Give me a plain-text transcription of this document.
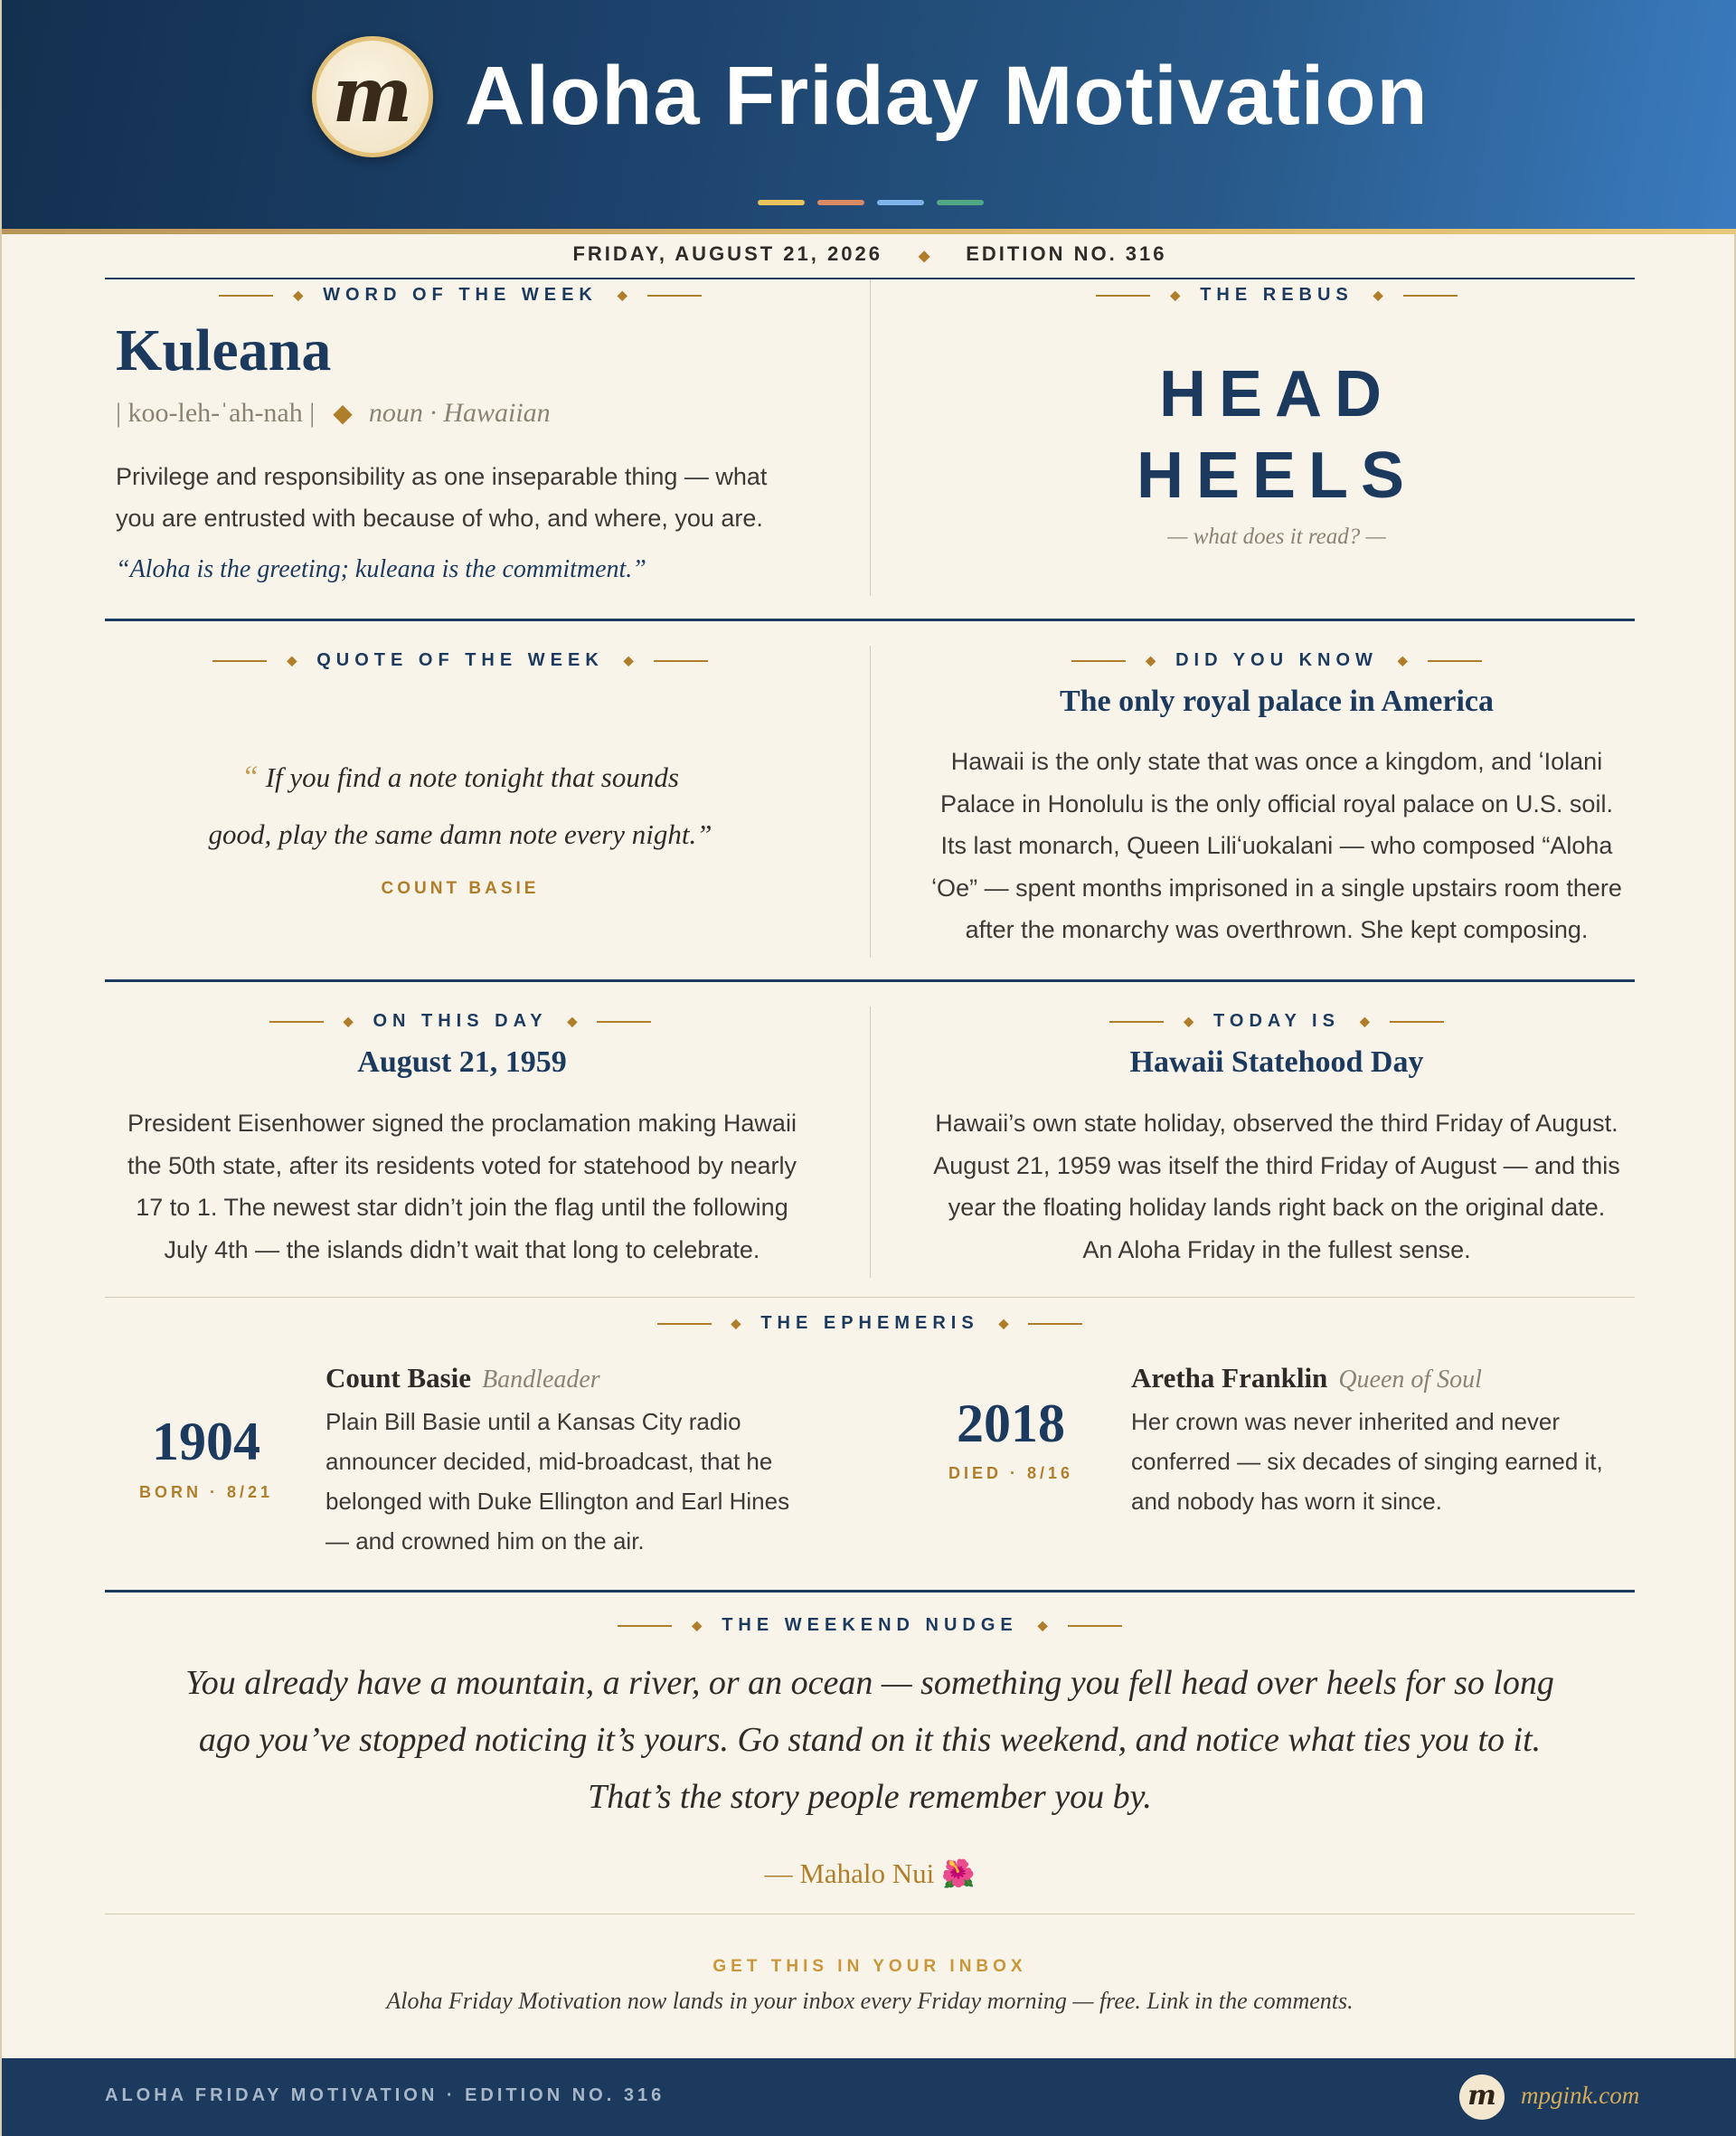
m Aloha Friday Motivation
FRIDAY, AUGUST 21, 2026	◆ EDITION NO. 316
◆ WORD OF THE WEEK ◆
Kuleana
| koo-leh-ˈah-nah | ◆ noun · Hawaiian
Privilege and responsibility as one inseparable thing — what
you are entrusted with because of who, and where, you are.
“Aloha is the greeting; kuleana is the commitment.”
◆ THE REBUS ◆
HEAD
HEELS
— what does it read? —
◆ QUOTE OF THE WEEK ◆
“ If you find a note tonight that sounds
good, play the same damn note every night.”
COUNT BASIE
◆ DID YOU KNOW ◆
The only royal palace in America
Hawaii is the only state that was once a kingdom, and ʻIolani
Palace in Honolulu is the only official royal palace on U.S. soil.
Its last monarch, Queen Liliʻuokalani — who composed “Aloha
ʻOe” — spent months imprisoned in a single upstairs room there
after the monarchy was overthrown. She kept composing.
◆ ON THIS DAY ◆
August 21, 1959
President Eisenhower signed the proclamation making Hawaii
the 50th state, after its residents voted for statehood by nearly
17 to 1. The newest star didn’t join the flag until the following
July 4th — the islands didn’t wait that long to celebrate.
◆ TODAY IS ◆
Hawaii Statehood Day
Hawaii’s own state holiday, observed the third Friday of August.
August 21, 1959 was itself the third Friday of August — and this
year the floating holiday lands right back on the original date.
An Aloha Friday in the fullest sense.
◆ THE EPHEMERIS ◆
1904
BORN · 8/21
Count Basie Bandleader
Plain Bill Basie until a Kansas City radio
announcer decided, mid-broadcast, that he
belonged with Duke Ellington and Earl Hines
— and crowned him on the air.
2018
DIED · 8/16
Aretha Franklin Queen of Soul
Her crown was never inherited and never
conferred — six decades of singing earned it,
and nobody has worn it since.
◆ THE WEEKEND NUDGE ◆
You already have a mountain, a river, or an ocean — something you fell head over heels for so long
ago you’ve stopped noticing it’s yours. Go stand on it this weekend, and notice what ties you to it.
That’s the story people remember you by.
— Mahalo Nui 🌺
GET THIS IN YOUR INBOX
Aloha Friday Motivation now lands in your inbox every Friday morning — free. Link in the comments.
ALOHA FRIDAY MOTIVATION · EDITION NO. 316	m mpgink.com
